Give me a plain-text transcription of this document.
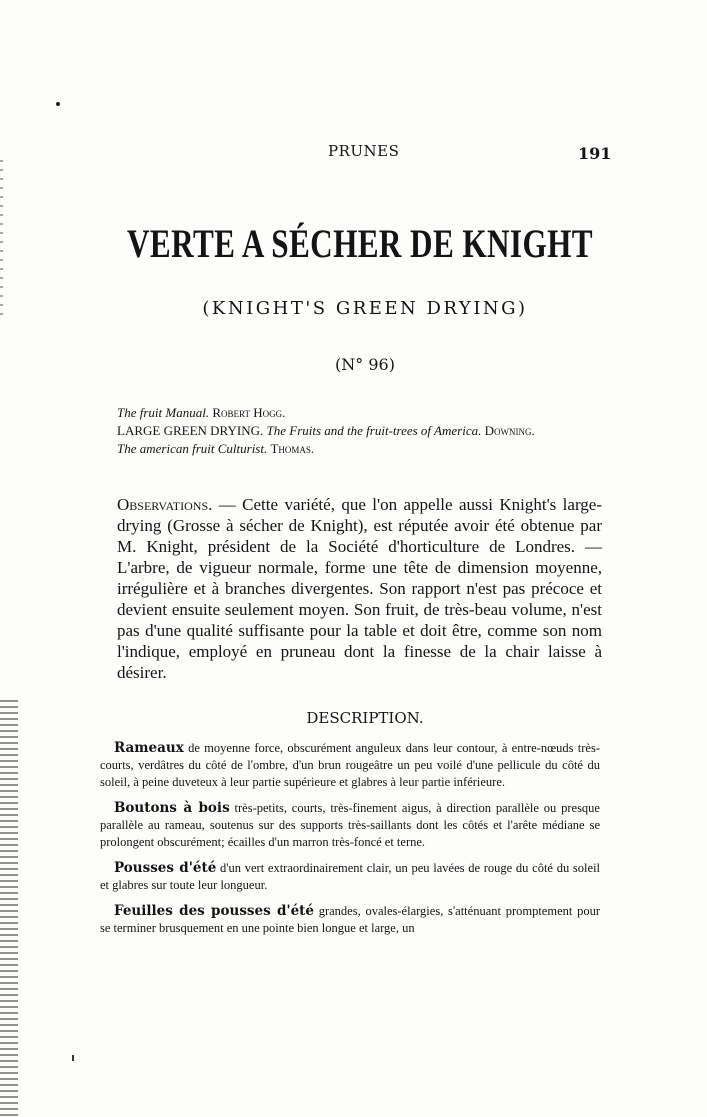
PRUNES	191
VERTE A SÉCHER DE KNIGHT
(KNIGHT'S GREEN DRYING)
(N° 96)

The fruit Manual. Robert Hogg.

LARGE GREEN DRYING. The Fruits and the fruit-trees of America. Downing.

The american fruit Culturist. Thomas.

Observations. — Cette variété, que l'on appelle aussi Knight's large-drying (Grosse à sécher de Knight), est réputée avoir été obtenue par M. Knight, président de la Société d'horticulture de Londres. — L'arbre, de vigueur normale, forme une tête de dimension moyenne, irrégulière et à branches divergentes. Son rapport n'est pas précoce et devient ensuite seulement moyen. Son fruit, de très-beau volume, n'est pas d'une qualité suffisante pour la table et doit être, comme son nom l'indique, employé en pruneau dont la finesse de la chair laisse à désirer.
DESCRIPTION.

Rameaux de moyenne force, obscurément anguleux dans leur contour, à entre-nœuds très-courts, verdâtres du côté de l'ombre, d'un brun rougeâtre un peu voilé d'une pellicule du côté du soleil, à peine duveteux à leur partie supérieure et glabres à leur partie inférieure.

Boutons à bois très-petits, courts, très-finement aigus, à direction parallèle ou presque parallèle au rameau, soutenus sur des supports très-saillants dont les côtés et l'arête médiane se prolongent obscurément; écailles d'un marron très-foncé et terne.

Pousses d'été d'un vert extraordinairement clair, un peu lavées de rouge du côté du soleil et glabres sur toute leur longueur.

Feuilles des pousses d'été grandes, ovales-élargies, s'atténuant promptement pour se terminer brusquement en une pointe bien longue et large, un
